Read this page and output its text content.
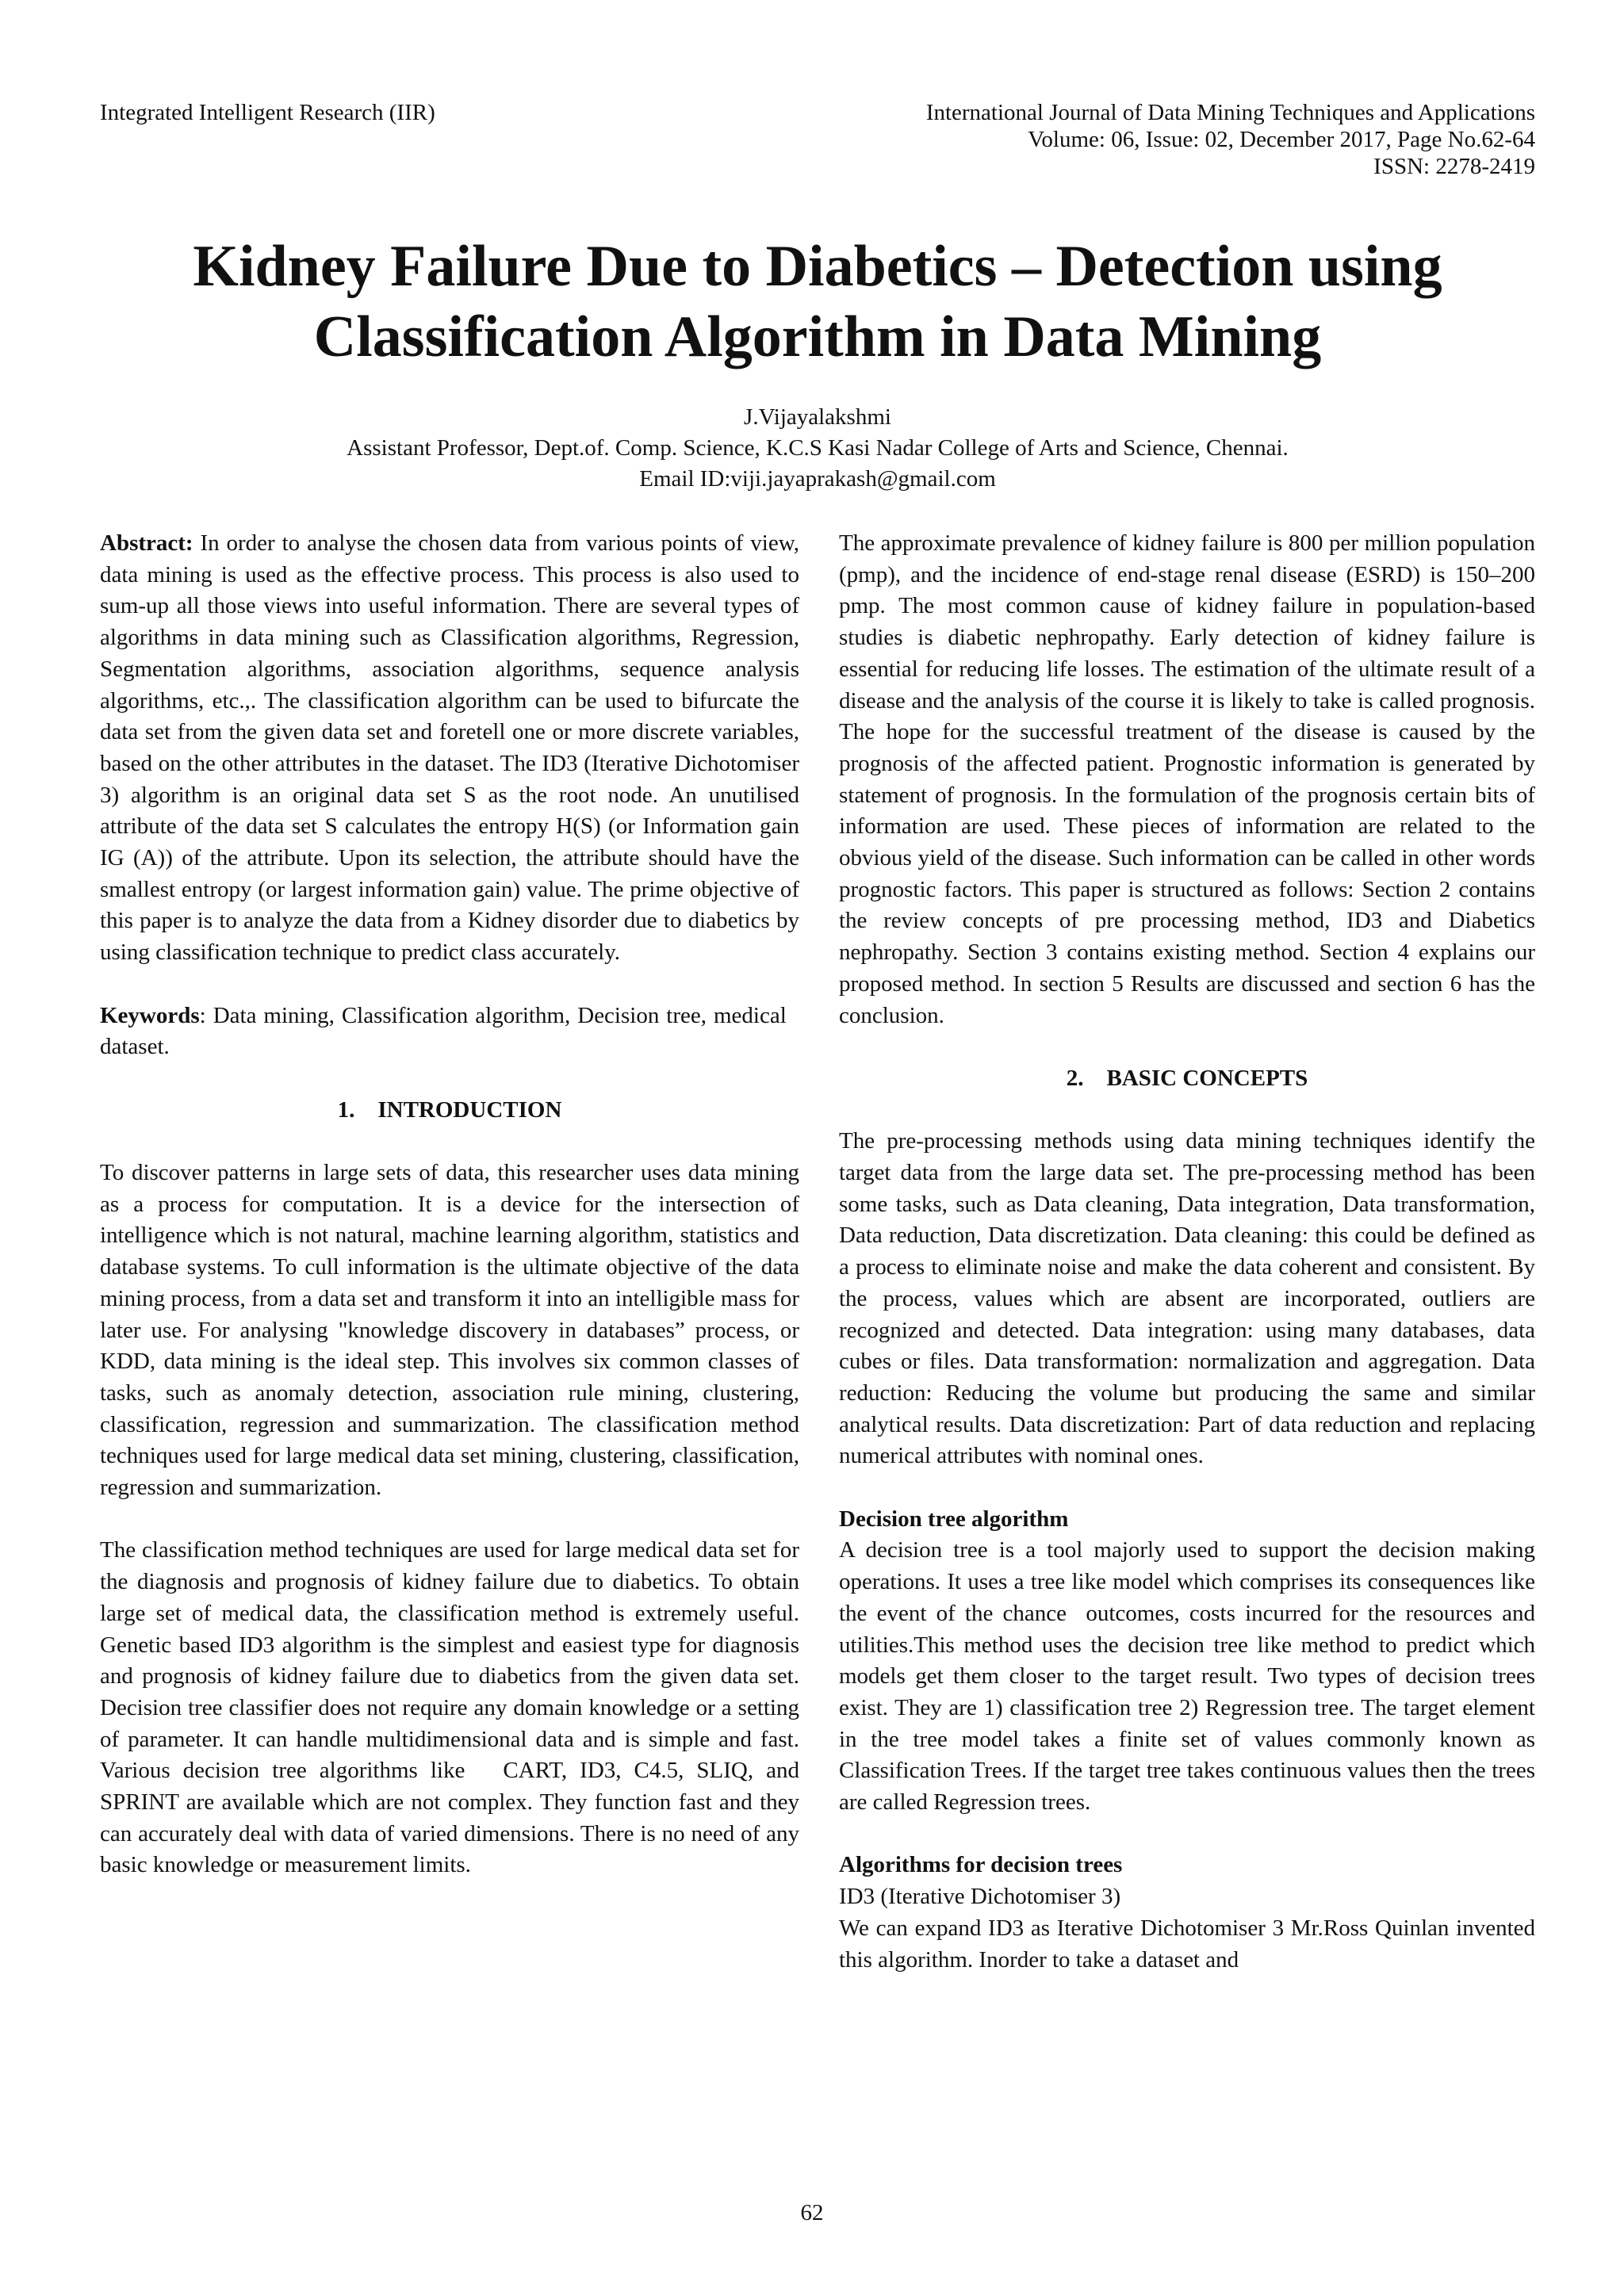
Integrated Intelligent Research (IIR)	International Journal of Data Mining Techniques and Applications
Volume: 06, Issue: 02, December 2017, Page No.62-64
ISSN: 2278-2419
Kidney Failure Due to Diabetics – Detection using
Classification Algorithm in Data Mining
J.Vijayalakshmi
Assistant Professor, Dept.of. Comp. Science, K.C.S Kasi Nadar College of Arts and Science, Chennai.
Email ID:viji.jayaprakash@gmail.com

Abstract: In order to analyse the chosen data from various points of view, data mining is used as the effective process. This process is also used to sum-up all those views into useful information. There are several types of algorithms in data mining such as Classification algorithms, Regression, Segmentation algorithms, association algorithms, sequence analysis algorithms, etc.,. The classification algorithm can be used to bifurcate the data set from the given data set and foretell one or more discrete variables, based on the other attributes in the dataset. The ID3 (Iterative Dichotomiser 3) algorithm is an original data set S as the root node. An unutilised attribute of the data set S calculates the entropy H(S) (or Information gain IG (A)) of the attribute. Upon its selection, the attribute should have the smallest entropy (or largest information gain) value. The prime objective of this paper is to analyze the data from a Kidney disorder due to diabetics by using classification technique to predict class accurately.

Keywords: Data mining, Classification algorithm, Decision tree, medical   dataset.

1.    INTRODUCTION

To discover patterns in large sets of data, this researcher uses data mining as a process for computation. It is a device for the intersection of intelligence which is not natural, machine learning algorithm, statistics and database systems. To cull information is the ultimate objective of the data mining process, from a data set and transform it into an intelligible mass for later use. For analysing "knowledge discovery in databases” process, or KDD, data mining is the ideal step. This involves six common classes of tasks, such as anomaly detection, association rule mining, clustering, classification, regression and summarization. The classification method techniques used for large medical data set mining, clustering, classification, regression and summarization.

The classification method techniques are used for large medical data set for the diagnosis and prognosis of kidney failure due to diabetics. To obtain large set of medical data, the classification method is extremely useful. Genetic based ID3 algorithm is the simplest and easiest type for diagnosis and prognosis of kidney failure due to diabetics from the given data set. Decision tree classifier does not require any domain knowledge or a setting of parameter. It can handle multidimensional data and is simple and fast. Various decision tree algorithms like   CART, ID3, C4.5, SLIQ, and SPRINT are available which are not complex. They function fast and they can accurately deal with data of varied dimensions. There is no need of any basic knowledge or measurement limits.

The approximate prevalence of kidney failure is 800 per million population (pmp), and the incidence of end-stage renal disease (ESRD) is 150–200 pmp. The most common cause of kidney failure in population-based studies is diabetic nephropathy. Early detection of kidney failure is essential for reducing life losses. The estimation of the ultimate result of a disease and the analysis of the course it is likely to take is called prognosis. The hope for the successful treatment of the disease is caused by the prognosis of the affected patient. Prognostic information is generated by statement of prognosis. In the formulation of the prognosis certain bits of information are used. These pieces of information are related to the obvious yield of the disease. Such information can be called in other words prognostic factors. This paper is structured as follows: Section 2 contains the review concepts of pre processing method, ID3 and Diabetics nephropathy. Section 3 contains existing method. Section 4 explains our proposed method. In section 5 Results are discussed and section 6 has the conclusion.

2.    BASIC CONCEPTS

The pre-processing methods using data mining techniques identify the target data from the large data set. The pre-processing method has been some tasks, such as Data cleaning, Data integration, Data transformation, Data reduction, Data discretization. Data cleaning: this could be defined as a process to eliminate noise and make the data coherent and consistent. By the process, values which are absent are incorporated, outliers are recognized and detected. Data integration: using many databases, data cubes or files. Data transformation: normalization and aggregation. Data reduction: Reducing the volume but producing the same and similar analytical results. Data discretization: Part of data reduction and replacing numerical attributes with nominal ones.

Decision tree algorithm

A decision tree is a tool majorly used to support the decision making operations. It uses a tree like model which comprises its consequences like the event of the chance  outcomes, costs incurred for the resources and utilities.This method uses the decision tree like method to predict which models get them closer to the target result. Two types of decision trees exist. They are 1) classification tree 2) Regression tree. The target element in the tree model takes a finite set of values commonly known as Classification Trees. If the target tree takes continuous values then the trees are called Regression trees.

Algorithms for decision trees

ID3 (Iterative Dichotomiser 3)

We can expand ID3 as Iterative Dichotomiser 3 Mr.Ross Quinlan invented this algorithm. Inorder to take a dataset and

62
